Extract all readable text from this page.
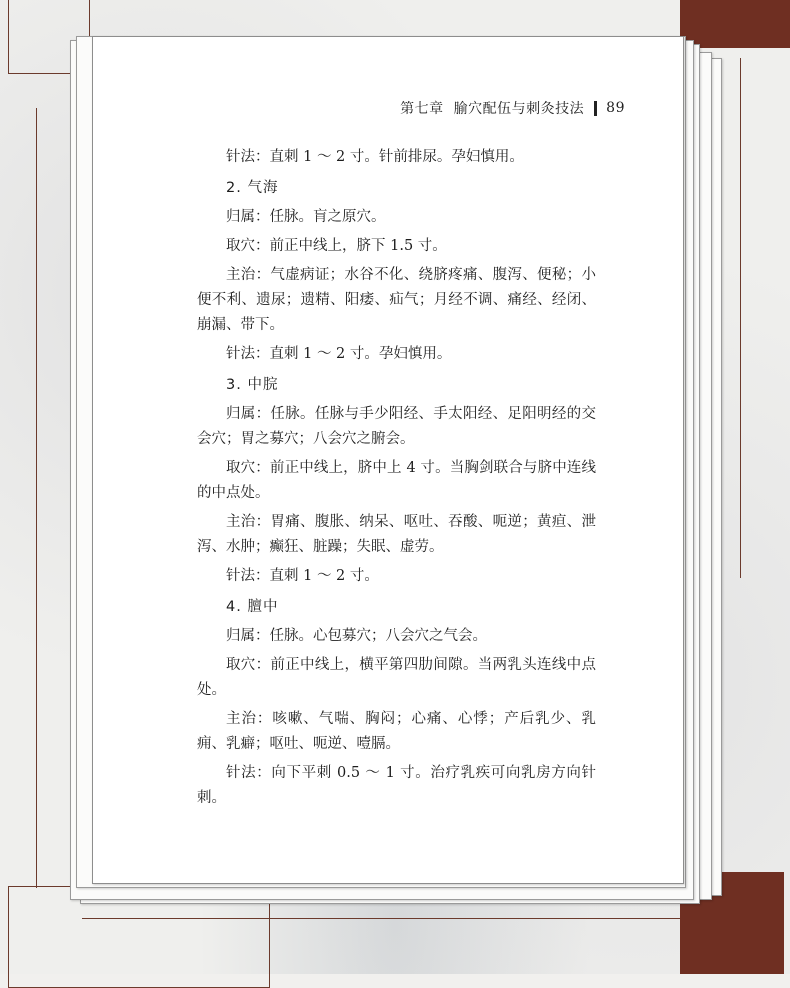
第七章 腧穴配伍与刺灸技法 89

针法：直刺 1 ～ 2 寸。针前排尿。孕妇慎用。

2. 气海

归属：任脉。肓之原穴。

取穴：前正中线上，脐下 1.5 寸。

主治：气虚病证；水谷不化、绕脐疼痛、腹泻、便秘；小便不利、遗尿；遗精、阳痿、疝气；月经不调、痛经、经闭、崩漏、带下。

针法：直刺 1 ～ 2 寸。孕妇慎用。

3. 中脘

归属：任脉。任脉与手少阳经、手太阳经、足阳明经的交会穴；胃之募穴；八会穴之腑会。

取穴：前正中线上，脐中上 4 寸。当胸剑联合与脐中连线的中点处。

主治：胃痛、腹胀、纳呆、呕吐、吞酸、呃逆；黄疸、泄泻、水肿；癫狂、脏躁；失眠、虚劳。

针法：直刺 1 ～ 2 寸。

4. 膻中

归属：任脉。心包募穴；八会穴之气会。

取穴：前正中线上，横平第四肋间隙。当两乳头连线中点处。

主治：咳嗽、气喘、胸闷；心痛、心悸；产后乳少、乳痈、乳癖；呕吐、呃逆、噎膈。

针法：向下平刺 0.5 ～ 1 寸。治疗乳疾可向乳房方向针刺。
